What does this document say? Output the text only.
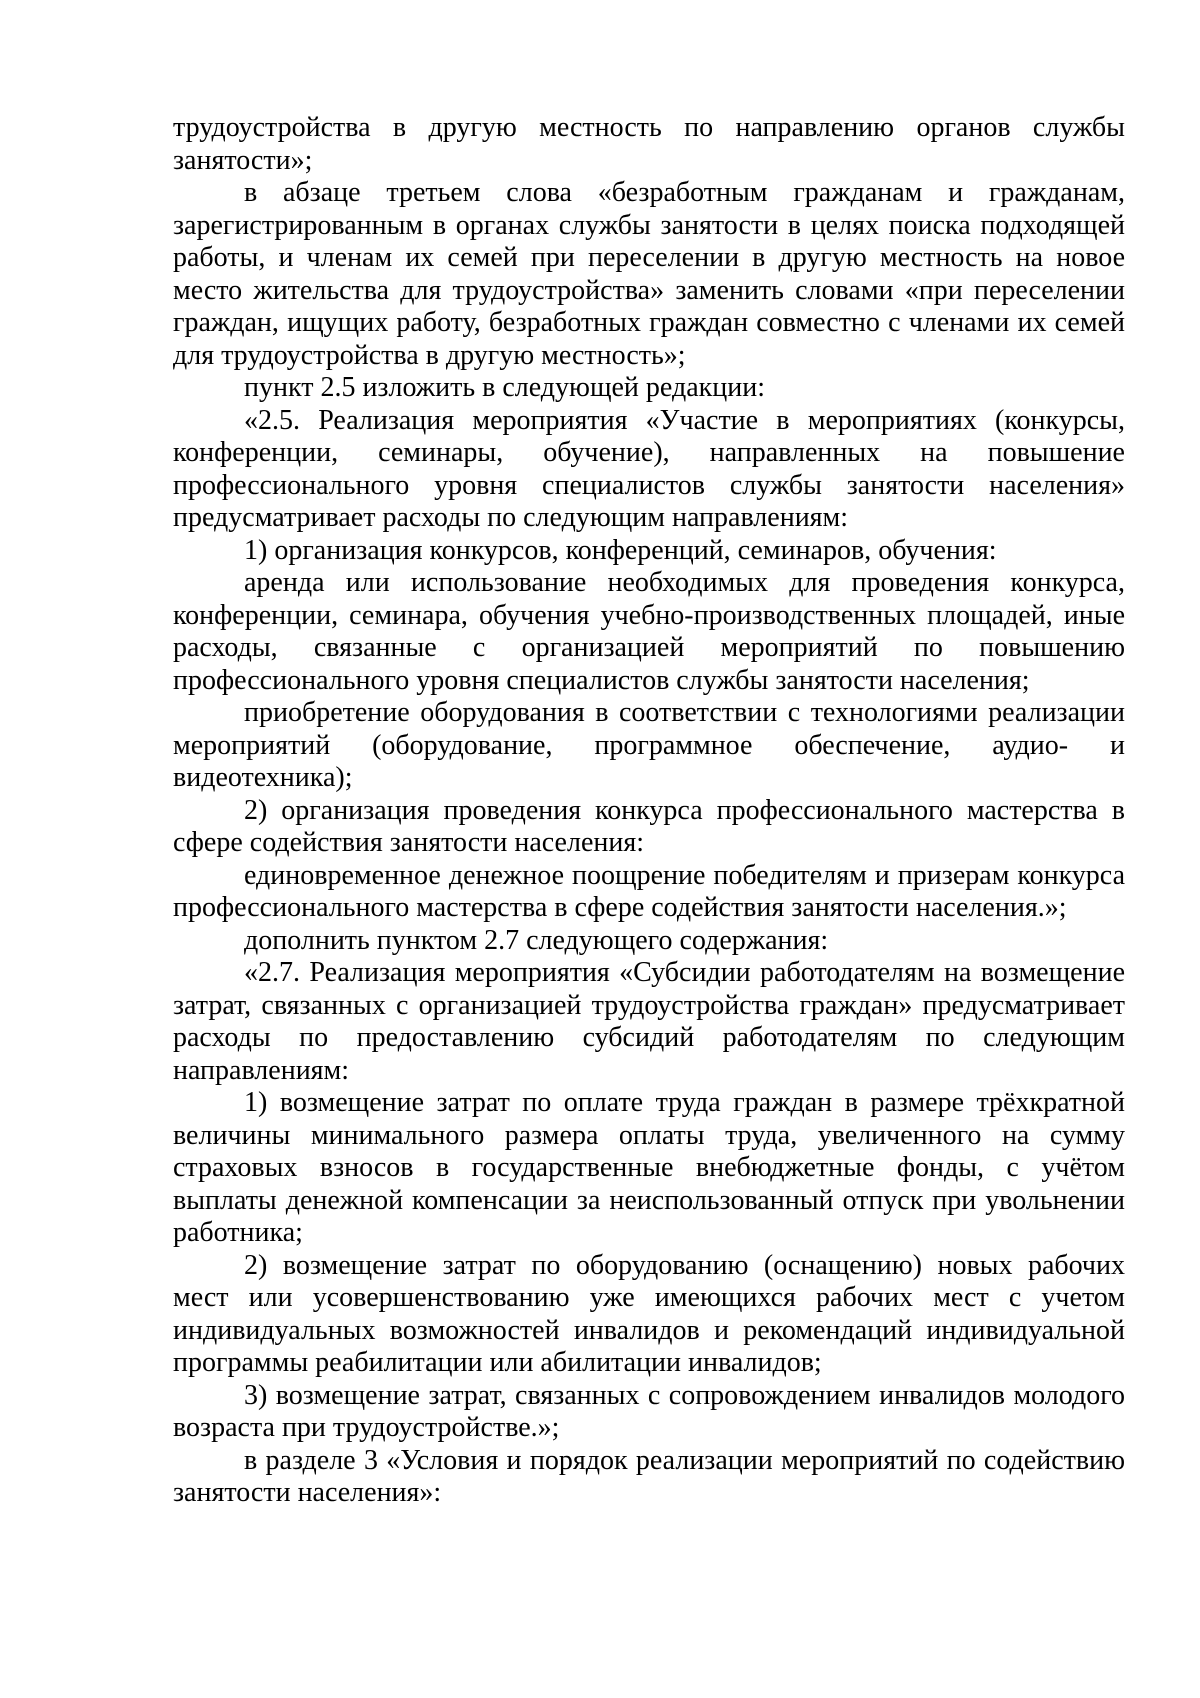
трудоустройства в другую местность по направлению органов службы занятости»;

в абзаце третьем слова «безработным гражданам и гражданам, зарегистрированным в органах службы занятости в целях поиска подходящей работы, и членам их семей при переселении в другую местность на новое место жительства для трудоустройства» заменить словами «при переселении граждан, ищущих работу, безработных граждан совместно с членами их семей для трудоустройства в другую местность»;

пункт 2.5 изложить в следующей редакции:

«2.5. Реализация мероприятия «Участие в мероприятиях (конкурсы, конференции, семинары, обучение), направленных на повышение профессионального уровня специалистов службы занятости населения» предусматривает расходы по следующим направлениям:

1) организация конкурсов, конференций, семинаров, обучения:

аренда или использование необходимых для проведения конкурса, конференции, семинара, обучения учебно-производственных площадей, иные расходы, связанные с организацией мероприятий по повышению профессионального уровня специалистов службы занятости населения;

приобретение оборудования в соответствии с технологиями реализации мероприятий (оборудование, программное обеспечение, аудио- и видеотехника);

2) организация проведения конкурса профессионального мастерства в сфере содействия занятости населения:

единовременное денежное поощрение победителям и призерам конкурса профессионального мастерства в сфере содействия занятости населения.»;

дополнить пунктом 2.7 следующего содержания:

«2.7. Реализация мероприятия «Субсидии работодателям на возмещение затрат, связанных с организацией трудоустройства граждан» предусматривает расходы по предоставлению субсидий работодателям по следующим направлениям:

1) возмещение затрат по оплате труда граждан в размере трёхкратной величины минимального размера оплаты труда, увеличенного на сумму страховых взносов в государственные внебюджетные фонды, с учётом выплаты денежной компенсации за неиспользованный отпуск при увольнении работника;

2) возмещение затрат по оборудованию (оснащению) новых рабочих мест или усовершенствованию уже имеющихся рабочих мест с учетом индивидуальных возможностей инвалидов и рекомендаций индивидуальной программы реабилитации или абилитации инвалидов;

3) возмещение затрат, связанных с сопровождением инвалидов молодого возраста при трудоустройстве.»;

в разделе 3 «Условия и порядок реализации мероприятий по содействию занятости населения»:
